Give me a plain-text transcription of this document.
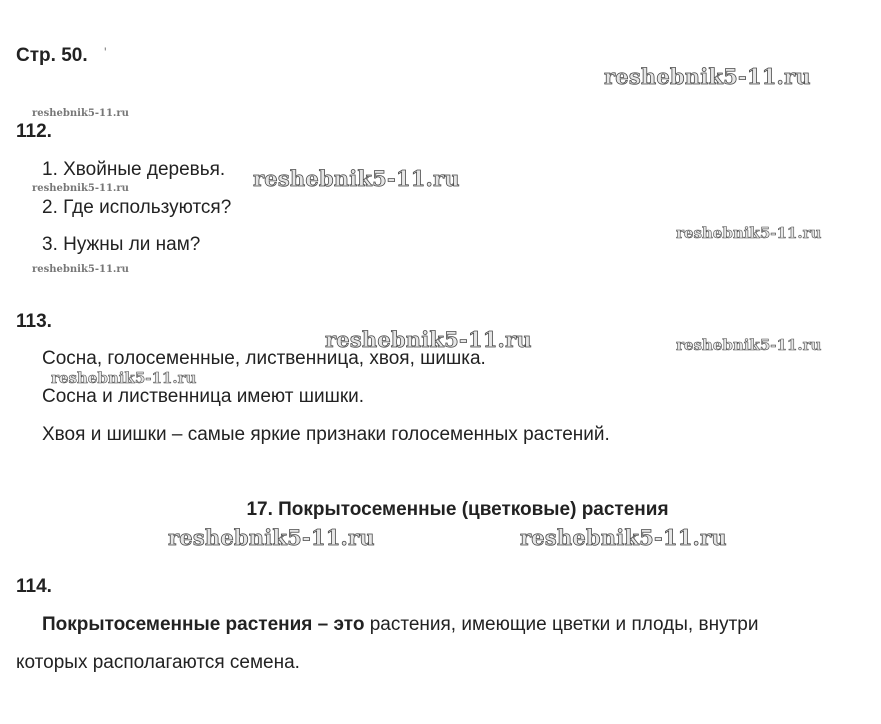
Стр. 50. '
reshebnik5-11.ru
reshebnik5-11.ru
reshebnik5-11.ru
reshebnik5-11.ru
reshebnik5-11.ru
reshebnik5-11.ru
reshebnik5-11.ru	reshebnik5-11.ru
reshebnik5-11.ru
reshebnik5-11.ru	reshebnik5-11.ru
112.
1. Хвойные деревья.
2. Где используются?
3. Нужны ли нам?
113.
Сосна, голосеменные, лиственница, хвоя, шишка.
Сосна и лиственница имеют шишки.
Хвоя и шишки – самые яркие признаки голосеменных растений.
17. Покрытосеменные (цветковые) растения
114.
Покрытосеменные растения – это растения, имеющие цветки и плоды, внутри
которых располагаются семена.
